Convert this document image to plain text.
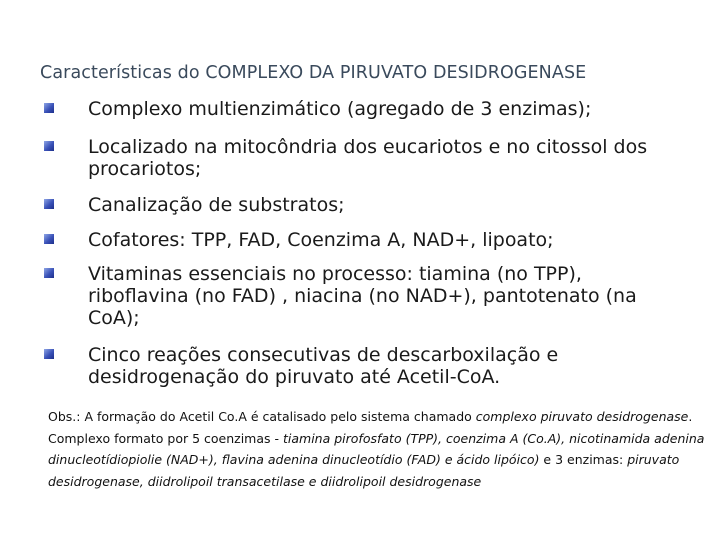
Características do COMPLEXO DA PIRUVATO DESIDROGENASE
Complexo multienzimático (agregado de 3 enzimas);
Localizado na mitocôndria dos eucariotos e no citossol dos procariotos;
Canalização de substratos;
Cofatores: TPP, FAD, Coenzima A, NAD+, lipoato;
Vitaminas essenciais no processo: tiamina (no TPP), riboflavina (no FAD) , niacina (no NAD+), pantotenato (na CoA);
Cinco reações consecutivas de descarboxilação e desidrogenação do piruvato até Acetil-CoA.
Obs.: A formação do Acetil Co.A é catalisado pelo sistema chamado complexo piruvato desidrogenase. Complexo formato por 5 coenzimas - tiamina pirofosfato (TPP), coenzima A (Co.A), nicotinamida adenina dinucleotídiopiolie (NAD+), flavina adenina dinucleotídio (FAD) e ácido lipóico) e 3 enzimas: piruvato desidrogenase, diidrolipoil transacetilase e diidrolipoil desidrogenase
